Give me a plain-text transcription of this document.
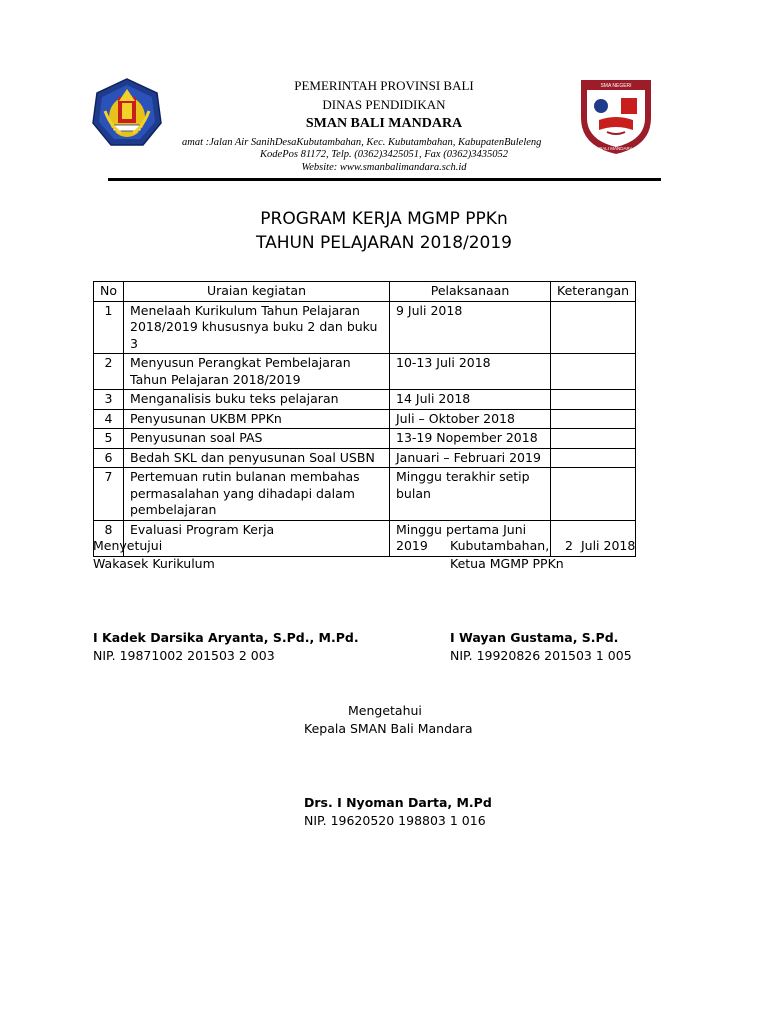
SMA NEGERI
BALI MANDARA
PEMERINTAH PROVINSI BALI
DINAS PENDIDIKAN
SMAN BALI MANDARA
amat :Jalan Air SanihDesaKubutambahan, Kec. Kubutambahan, KabupatenBuleleng
KodePos 81172, Telp. (0362)3425051, Fax (0362)3435052
Website: www.smanbalimandara.sch.id
PROGRAM KERJA MGMP PPKn
TAHUN PELAJARAN 2018/2019
No	Uraian kegiatan	Pelaksanaan	Keterangan
1	Menelaah Kurikulum Tahun Pelajaran 2018/2019 khususnya buku 2 dan buku 3	9 Juli 2018	
2	Menyusun Perangkat Pembelajaran Tahun Pelajaran 2018/2019	10-13 Juli 2018	
3	Menganalisis buku teks pelajaran	14 Juli 2018	
4	Penyusunan UKBM PPKn	Juli – Oktober 2018	
5	Penyusunan soal PAS	13-19 Nopember 2018	
6	Bedah SKL dan penyusunan Soal USBN	Januari – Februari 2019	
7	Pertemuan rutin bulanan membahas permasalahan yang dihadapi dalam pembelajaran	Minggu terakhir setip bulan	
8	Evaluasi Program Kerja	Minggu pertama Juni 2019	
Menyetujui
Wakasek Kurikulum
I Kadek Darsika Aryanta, S.Pd., M.Pd.
NIP. 19871002 201503 2 003
Kubutambahan,    2  Juli 2018
Ketua MGMP PPKn
I Wayan Gustama, S.Pd.
NIP. 19920826 201503 1 005
Mengetahui
Kepala SMAN Bali Mandara
Drs. I Nyoman Darta, M.Pd
NIP. 19620520 198803 1 016
